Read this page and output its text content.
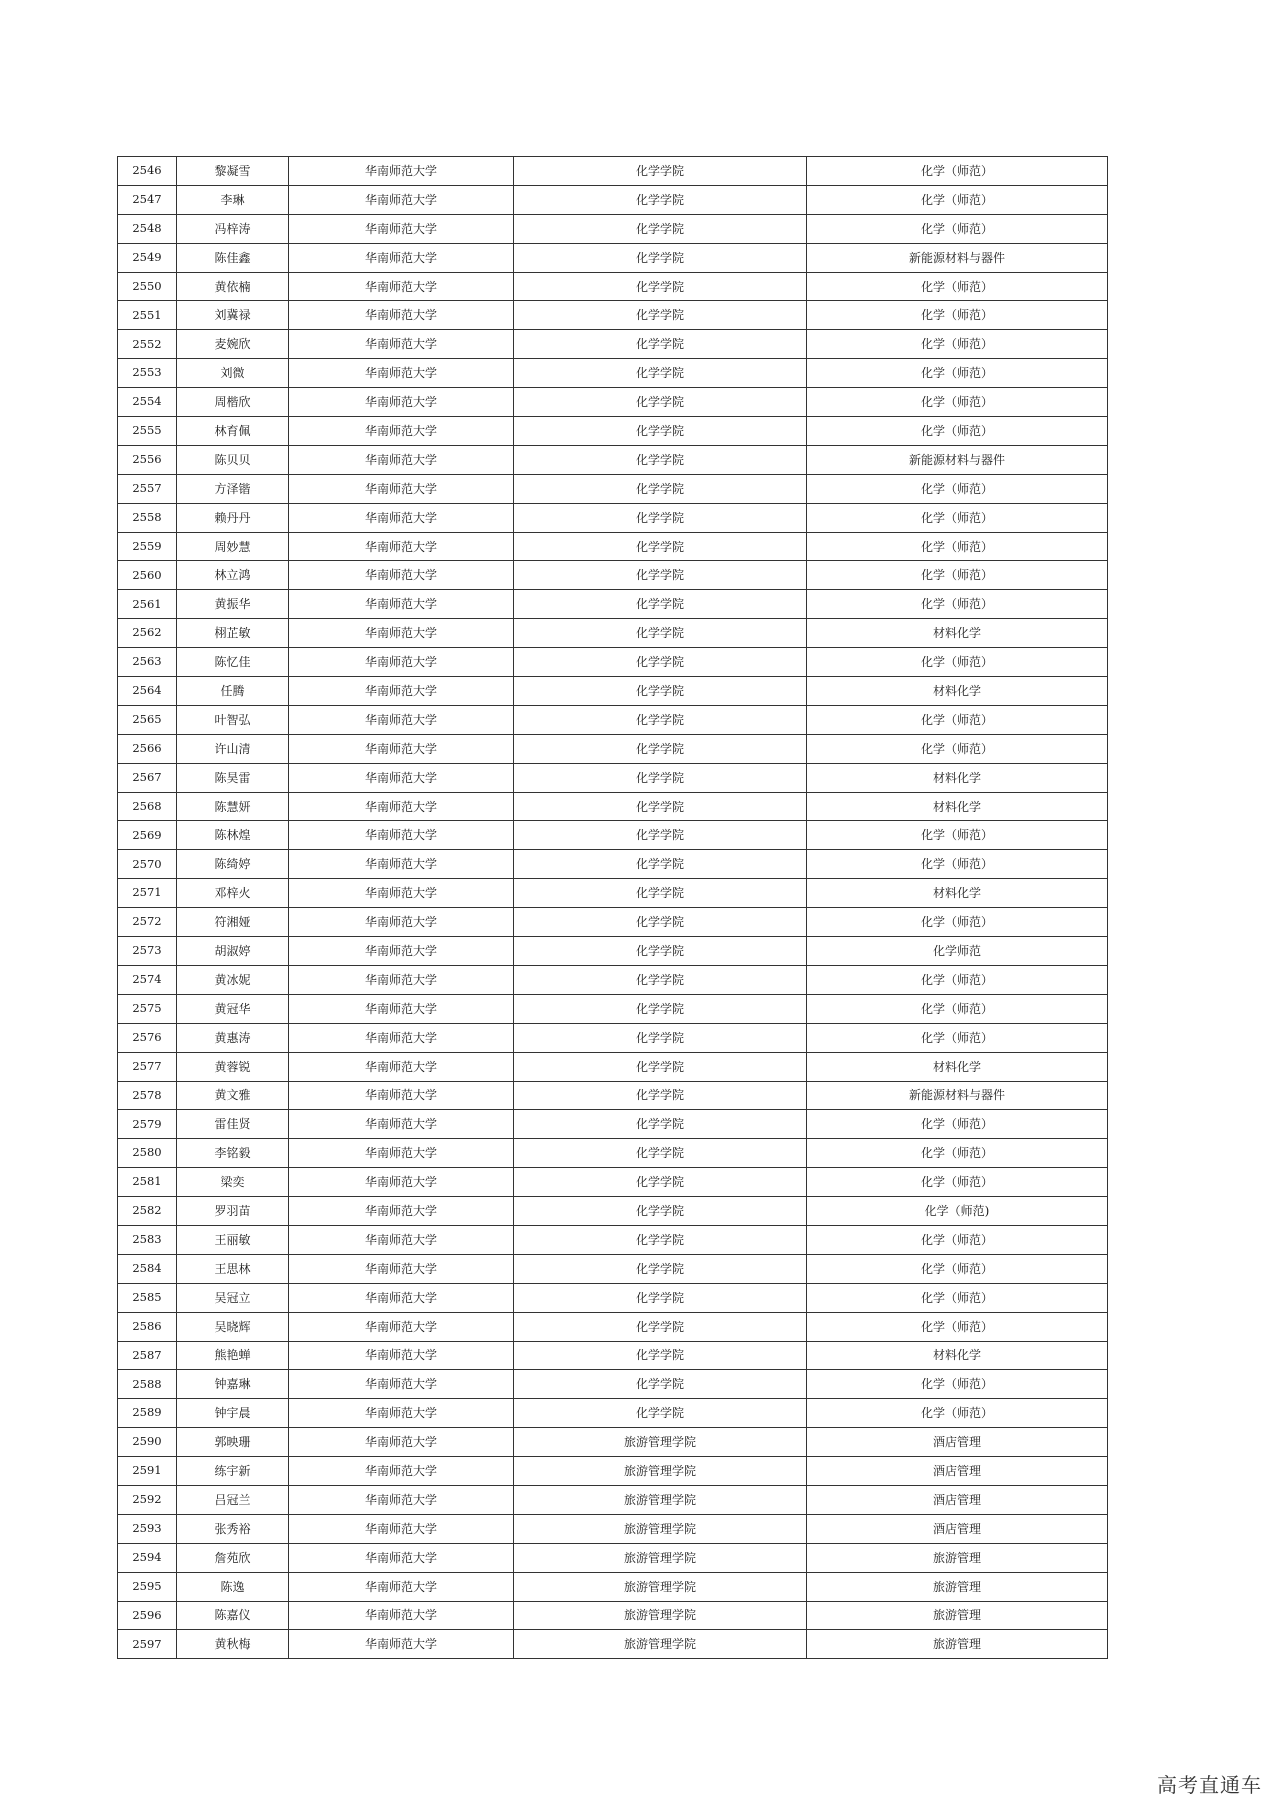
2546	黎凝雪	华南师范大学	化学学院	化学（师范）
2547	李琳	华南师范大学	化学学院	化学（师范）
2548	冯梓涛	华南师范大学	化学学院	化学（师范）
2549	陈佳鑫	华南师范大学	化学学院	新能源材料与器件
2550	黄依楠	华南师范大学	化学学院	化学（师范）
2551	刘冀禄	华南师范大学	化学学院	化学（师范）
2552	麦婉欣	华南师范大学	化学学院	化学（师范）
2553	刘微	华南师范大学	化学学院	化学（师范）
2554	周楷欣	华南师范大学	化学学院	化学（师范）
2555	林育佩	华南师范大学	化学学院	化学（师范）
2556	陈贝贝	华南师范大学	化学学院	新能源材料与器件
2557	方泽锴	华南师范大学	化学学院	化学（师范）
2558	赖丹丹	华南师范大学	化学学院	化学（师范）
2559	周妙慧	华南师范大学	化学学院	化学（师范）
2560	林立鸿	华南师范大学	化学学院	化学（师范）
2561	黄振华	华南师范大学	化学学院	化学（师范）
2562	栩芷敏	华南师范大学	化学学院	材料化学
2563	陈忆佳	华南师范大学	化学学院	化学（师范）
2564	任腾	华南师范大学	化学学院	材料化学
2565	叶智弘	华南师范大学	化学学院	化学（师范）
2566	许山清	华南师范大学	化学学院	化学（师范）
2567	陈昊雷	华南师范大学	化学学院	材料化学
2568	陈慧妍	华南师范大学	化学学院	材料化学
2569	陈林煌	华南师范大学	化学学院	化学（师范）
2570	陈绮婷	华南师范大学	化学学院	化学（师范）
2571	邓梓火	华南师范大学	化学学院	材料化学
2572	符湘娅	华南师范大学	化学学院	化学（师范）
2573	胡淑婷	华南师范大学	化学学院	化学师范
2574	黄冰妮	华南师范大学	化学学院	化学（师范）
2575	黄冠华	华南师范大学	化学学院	化学（师范）
2576	黄惠涛	华南师范大学	化学学院	化学（师范）
2577	黄蓉锐	华南师范大学	化学学院	材料化学
2578	黄文雅	华南师范大学	化学学院	新能源材料与器件
2579	雷佳贤	华南师范大学	化学学院	化学（师范）
2580	李铭毅	华南师范大学	化学学院	化学（师范）
2581	梁奕	华南师范大学	化学学院	化学（师范）
2582	罗羽苗	华南师范大学	化学学院	化学（师范)
2583	王丽敏	华南师范大学	化学学院	化学（师范）
2584	王思林	华南师范大学	化学学院	化学（师范）
2585	吴冠立	华南师范大学	化学学院	化学（师范）
2586	吴晓辉	华南师范大学	化学学院	化学（师范）
2587	熊艳蝉	华南师范大学	化学学院	材料化学
2588	钟嘉琳	华南师范大学	化学学院	化学（师范）
2589	钟宇晨	华南师范大学	化学学院	化学（师范）
2590	郭映珊	华南师范大学	旅游管理学院	酒店管理
2591	练宇新	华南师范大学	旅游管理学院	酒店管理
2592	吕冠兰	华南师范大学	旅游管理学院	酒店管理
2593	张秀裕	华南师范大学	旅游管理学院	酒店管理
2594	詹苑欣	华南师范大学	旅游管理学院	旅游管理
2595	陈逸	华南师范大学	旅游管理学院	旅游管理
2596	陈嘉仪	华南师范大学	旅游管理学院	旅游管理
2597	黄秋梅	华南师范大学	旅游管理学院	旅游管理
高考直通车
